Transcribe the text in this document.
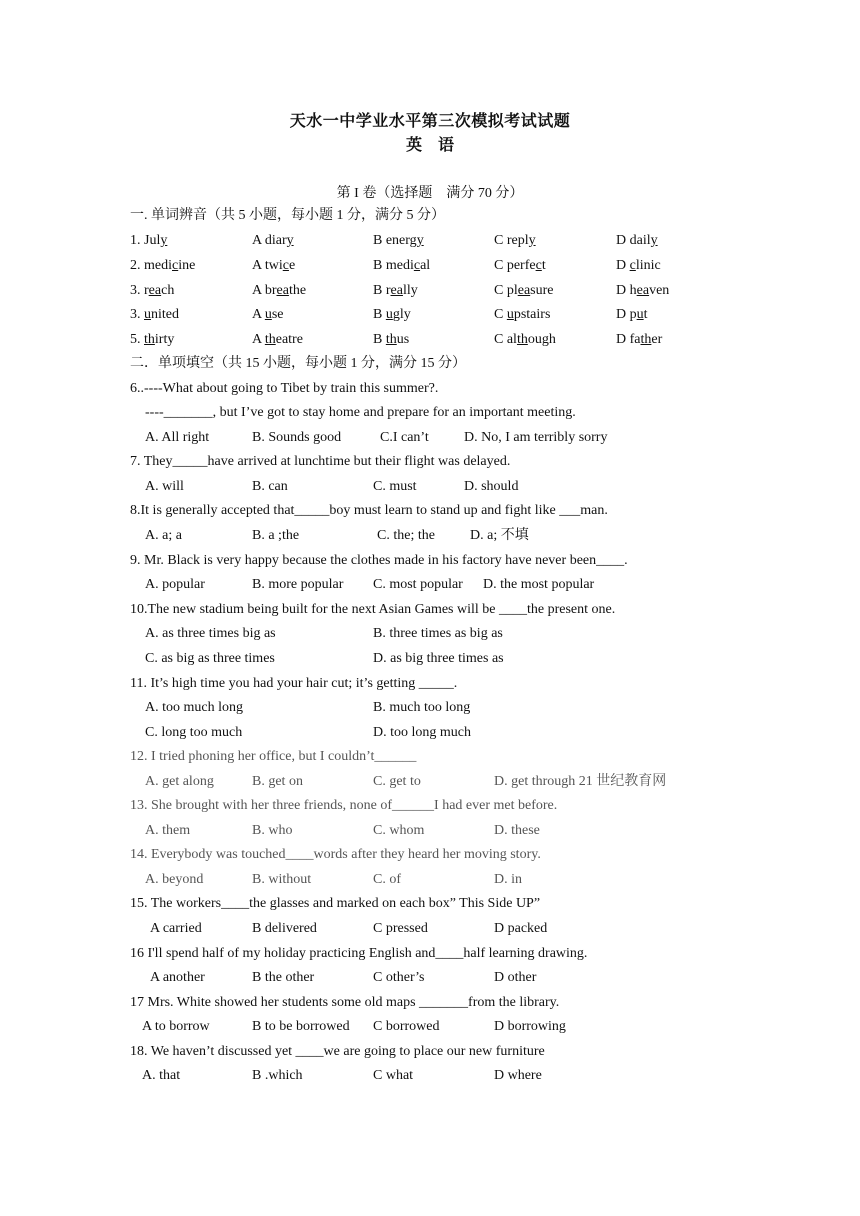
天水一中学业水平第三次模拟考试试题
英　语
第 I 卷（选择题　满分 70 分）
一. 单词辨音（共 5 小题，每小题 1 分，满分 5 分）
1. July	A diary	B energy	C reply	D daily
2. medicine	A twice	B medical	C perfect	D clinic
3. reach	A breathe	B really	C pleasure	D heaven
3. united	A use	B ugly	C upstairs	D put
5. thirty	A theatre	B thus	C although	D father
二．单项填空（共 15 小题，每小题 1 分，满分 15 分）
6..----What about going to Tibet by train this summer?.
----_______, but I’ve got to stay home and prepare for an important meeting.
A. All right	B. Sounds good	C.I can’t	D. No, I am terribly sorry
7. They_____have arrived at lunchtime but their flight was delayed.
A. will	B. can	C. must	D. should
8.It is generally accepted that_____boy must learn to stand up and fight like ___man.
A. a; a	B. a ;the	C. the; the	D. a; 不填
9. Mr. Black is very happy because the clothes made in his factory have never been____.
A. popular	B. more popular C. most popular D. the most popular
10.The new stadium being built for the next Asian Games will be ____the present one.
A. as three times big as	B. three times as big as
C. as big as three times	D. as big three times as
11. It’s high time you had your hair cut; it’s getting _____.
A. too much long	B. much too long
C. long too much	D. too long much
12. I tried phoning her office, but I couldn’t______
A. get along	B. get on	C. get to	D. get through 21 世纪教育网
13. She brought with her three friends, none of______I had ever met before.
A. them	B. who	C. whom	D. these
14. Everybody was touched____words after they heard her moving story.
A. beyond	B. without	C. of	D. in
15. The workers____the glasses and marked on each box” This Side UP”
A carried	B delivered	C pressed	D packed
16 I'll spend half of my holiday practicing English and____half learning drawing.
A another	B the other	C other’s	D other
17 Mrs. White showed her students some old maps _______from the library.
A to borrow	B to be borrowed C borrowed	D borrowing
18. We haven’t discussed yet ____we are going to place our new furniture
A. that	B .which	C what	D where
